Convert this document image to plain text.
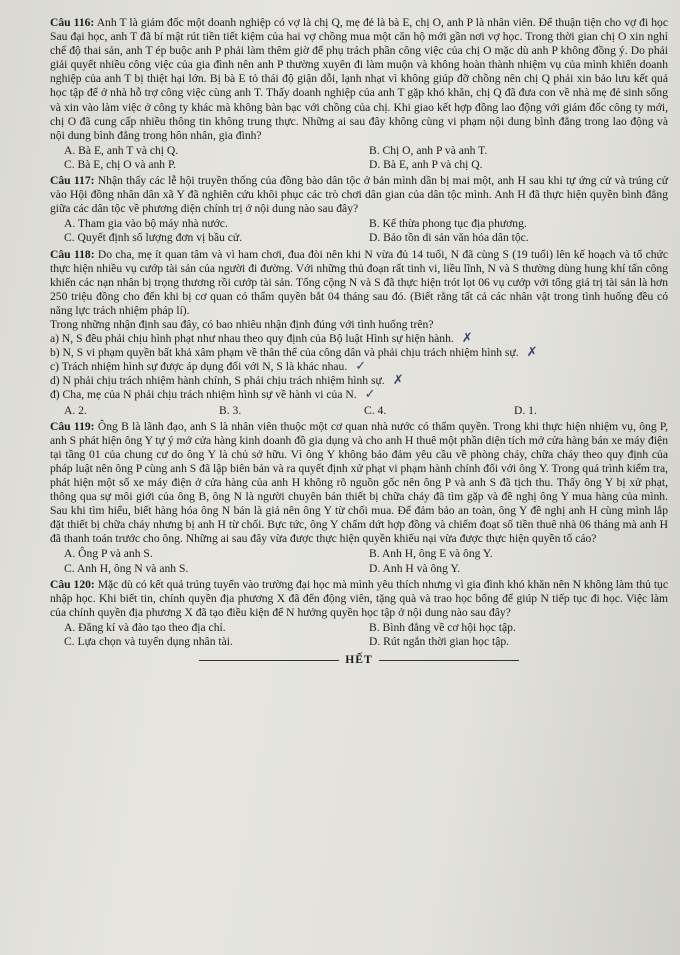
Câu 116: Anh T là giám đốc một doanh nghiệp có vợ là chị Q, mẹ đẻ là bà E, chị O, anh P là nhân viên. Để thuận tiện cho vợ đi học Sau đại học, anh T đã bí mật rút tiền tiết kiệm của hai vợ chồng mua một căn hộ mới gần nơi vợ học. Trong thời gian chị O xin nghỉ chế độ thai sản, anh T ép buộc anh P phải làm thêm giờ để phụ trách phần công việc của chị O mặc dù anh P không đồng ý. Do phải giải quyết nhiều công việc của gia đình nên anh P thường xuyên đi làm muộn và không hoàn thành nhiệm vụ của mình khiến doanh nghiệp của anh T bị thiệt hại lớn. Bị bà E tỏ thái độ giận dỗi, lạnh nhạt vì không giúp đỡ chồng nên chị Q phải xin bảo lưu kết quả học tập để ở nhà hỗ trợ công việc cùng anh T. Thấy doanh nghiệp của anh T gặp khó khăn, chị Q đã đưa con về nhà mẹ đẻ sinh sống và xin vào làm việc ở công ty khác mà không bàn bạc với chồng của chị. Khi giao kết hợp đồng lao động với giám đốc công ty mới, chị O đã cung cấp nhiều thông tin không trung thực. Những ai sau đây không cùng vi phạm nội dung bình đẳng trong lao động và nội dung bình đẳng trong hôn nhân, gia đình?

A. Bà E, anh T và chị Q.	B. Chị O, anh P và anh T.
C. Bà E, chị O và anh P.	D. Bà E, anh P và chị Q.

Câu 117: Nhận thấy các lễ hội truyền thống của đồng bào dân tộc ở bản mình dần bị mai một, anh H sau khi tự ứng cử và trúng cử vào Hội đồng nhân dân xã Y đã nghiên cứu khôi phục các trò chơi dân gian của dân tộc mình. Anh H đã thực hiện quyền bình đẳng giữa các dân tộc về phương diện chính trị ở nội dung nào sau đây?

A. Tham gia vào bộ máy nhà nước.	B. Kế thừa phong tục địa phương.
C. Quyết định số lượng đơn vị bầu cử.	D. Bảo tồn di sản văn hóa dân tộc.

Câu 118: Do cha, mẹ ít quan tâm và vì ham chơi, đua đòi nên khi N vừa đủ 14 tuổi, N đã cùng S (19 tuổi) lên kế hoạch và tổ chức thực hiện nhiều vụ cướp tài sản của người đi đường. Với những thủ đoạn rất tinh vi, liều lĩnh, N và S thường dùng hung khí tấn công khiến các nạn nhân bị trọng thương rồi cướp tài sản. Tổng cộng N và S đã thực hiện trót lọt 06 vụ cướp với tổng giá trị tài sản là hơn 250 triệu đồng cho đến khi bị cơ quan có thẩm quyền bắt 04 tháng sau đó. (Biết rằng tất cả các nhân vật trong tình huống đều có năng lực trách nhiệm pháp lí).

Trong những nhận định sau đây, có bao nhiêu nhận định đúng với tình huống trên?

a) N, S đều phải chịu hình phạt như nhau theo quy định của Bộ luật Hình sự hiện hành. ✗

b) N, S vi phạm quyền bất khả xâm phạm về thân thể của công dân và phải chịu trách nhiệm hình sự. ✗

c) Trách nhiệm hình sự được áp dụng đối với N, S là khác nhau. ✓

d) N phải chịu trách nhiệm hành chính, S phải chịu trách nhiệm hình sự. ✗

đ) Cha, mẹ của N phải chịu trách nhiệm hình sự về hành vi của N. ✓

A. 2.	B. 3.	C. 4.	D. 1.

Câu 119: Ông B là lãnh đạo, anh S là nhân viên thuộc một cơ quan nhà nước có thẩm quyền. Trong khi thực hiện nhiệm vụ, ông P, anh S phát hiện ông Y tự ý mở cửa hàng kinh doanh đồ gia dụng và cho anh H thuê một phần diện tích mở cửa hàng bán xe máy điện tại tầng 01 của chung cư do ông Y là chủ sở hữu. Vì ông Y không bảo đảm yêu cầu về phòng cháy, chữa cháy theo quy định của pháp luật nên ông P cùng anh S đã lập biên bản và ra quyết định xử phạt vi phạm hành chính đối với ông Y. Trong quá trình kiểm tra, phát hiện một số xe máy điện ở cửa hàng của anh H không rõ nguồn gốc nên ông P và anh S đã tịch thu. Thấy ông Y bị xử phạt, thông qua sự môi giới của ông B, ông N là người chuyên bán thiết bị chữa cháy đã tìm gặp và đề nghị ông Y mua hàng của mình. Sau khi tìm hiểu, biết hàng hóa ông N bán là giả nên ông Y từ chối mua. Để đảm bảo an toàn, ông Y đề nghị anh H cùng mình lắp đặt thiết bị chữa cháy nhưng bị anh H từ chối. Bực tức, ông Y chấm dứt hợp đồng và chiếm đoạt số tiền thuê nhà 06 tháng mà anh H đã thanh toán trước cho ông. Những ai sau đây vừa được thực hiện quyền khiếu nại vừa được thực hiện quyền tố cáo?

A. Ông P và anh S.	B. Anh H, ông E và ông Y.
C. Anh H, ông N và anh S.	D. Anh H và ông Y.

Câu 120: Mặc dù có kết quả trúng tuyển vào trường đại học mà mình yêu thích nhưng vì gia đình khó khăn nên N không làm thủ tục nhập học. Khi biết tin, chính quyền địa phương X đã đến động viên, tặng quà và trao học bổng để giúp N tiếp tục đi học. Việc làm của chính quyền địa phương X đã tạo điều kiện để N hưởng quyền học tập ở nội dung nào sau đây?

A. Đăng kí và đào tạo theo địa chỉ.	B. Bình đẳng về cơ hội học tập.
C. Lựa chọn và tuyển dụng nhân tài.	D. Rút ngắn thời gian học tập.
HẾT
